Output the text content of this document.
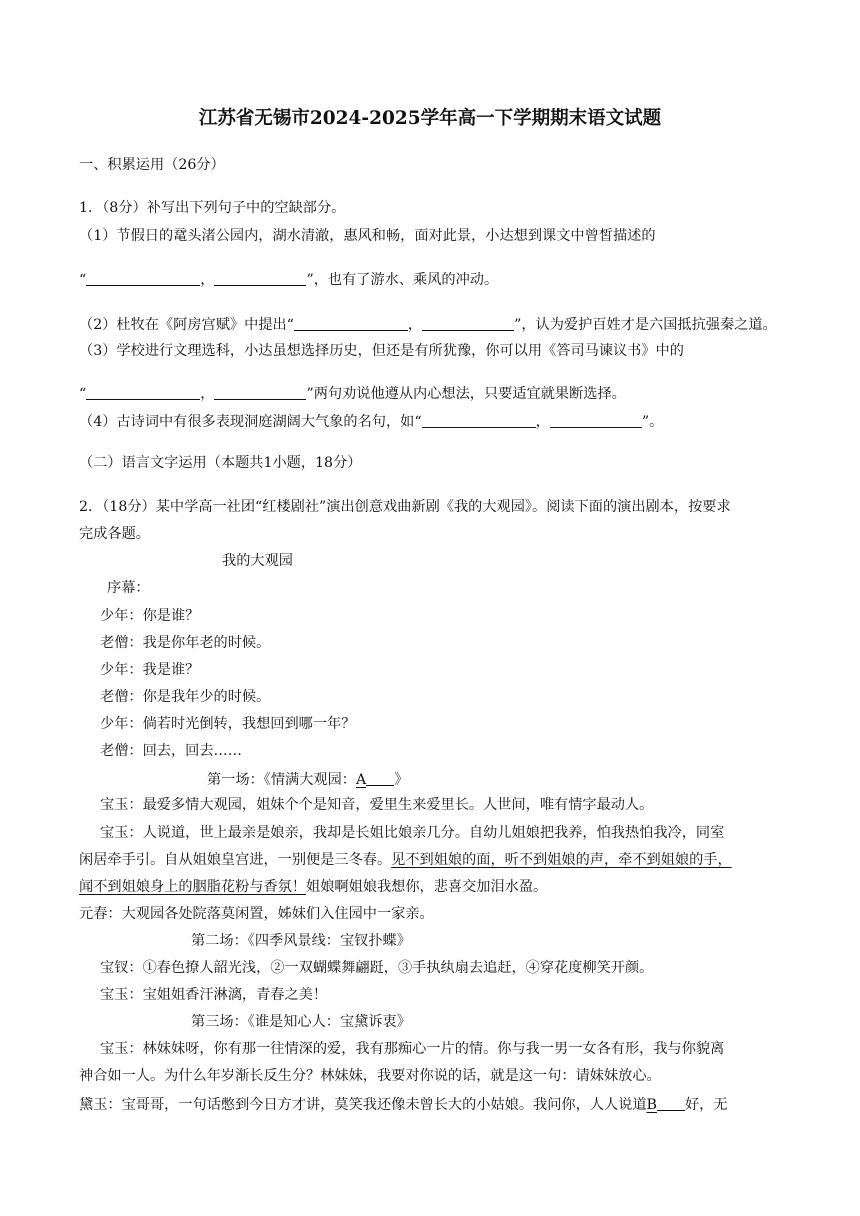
江苏省无锡市2024-2025学年高一下学期期末语文试题
一、积累运用（26分）
1．（8分）补写出下列句子中的空缺部分。
（1）节假日的鼋头渚公园内，湖水清澈，惠风和畅，面对此景，小达想到课文中曾皙描述的
“	，	”，也有了游水、乘风的冲动。
（2）杜牧在《阿房宫赋》中提出“	，	”，认为爱护百姓才是六国抵抗强秦之道。
（3）学校进行文理选科，小达虽想选择历史，但还是有所犹豫，你可以用《答司马谏议书》中的
“	，	”两句劝说他遵从内心想法，只要适宜就果断选择。
（4）古诗词中有很多表现洞庭湖阔大气象的名句，如“	，	”。
（二）语言文字运用（本题共1小题，18分）
2．（18分）某中学高一社团“红楼剧社”演出创意戏曲新剧《我的大观园》。阅读下面的演出剧本，按要求
完成各题。
我的大观园
序幕：
少年：你是谁？
老僧：我是你年老的时候。
少年：我是谁？
老僧：你是我年少的时候。
少年：倘若时光倒转，我想回到哪一年？
老僧：回去，回去……
第一场：《情满大观园：A 》
宝玉：最爱多情大观园，姐妹个个是知音，爱里生来爱里长。人世间，唯有情字最动人。
宝玉：人说道，世上最亲是娘亲，我却是长姐比娘亲几分。自幼儿姐娘把我养，怕我热怕我冷，同室
闲居牵手引。自从姐娘皇宫进，一别便是三冬春。见不到姐娘的面，听不到姐娘的声，牵不到姐娘的手，
闻不到姐娘身上的胭脂花粉与香氛！姐娘啊姐娘我想你，悲喜交加泪水盈。
元春：大观园各处院落莫闲置，姊妹们入住园中一家亲。
第二场：《四季风景线：宝钗扑蝶》
宝钗：①春色撩人韶光浅，②一双蝴蝶舞翩跹，③手执纨扇去追赶，④穿花度柳笑开颜。
宝玉：宝姐姐香汗淋漓，青春之美！
第三场：《谁是知心人：宝黛诉衷》
宝玉：林妹妹呀，你有那一往情深的爱，我有那痴心一片的情。你与我一男一女各有形，我与你貌离
神合如一人。为什么年岁渐长反生分？林妹妹，我要对你说的话，就是这一句：请妹妹放心。
黛玉：宝哥哥，一句话憋到今日方才讲，莫笑我还像未曾长大的小姑娘。我问你，人人说道B 好，无
